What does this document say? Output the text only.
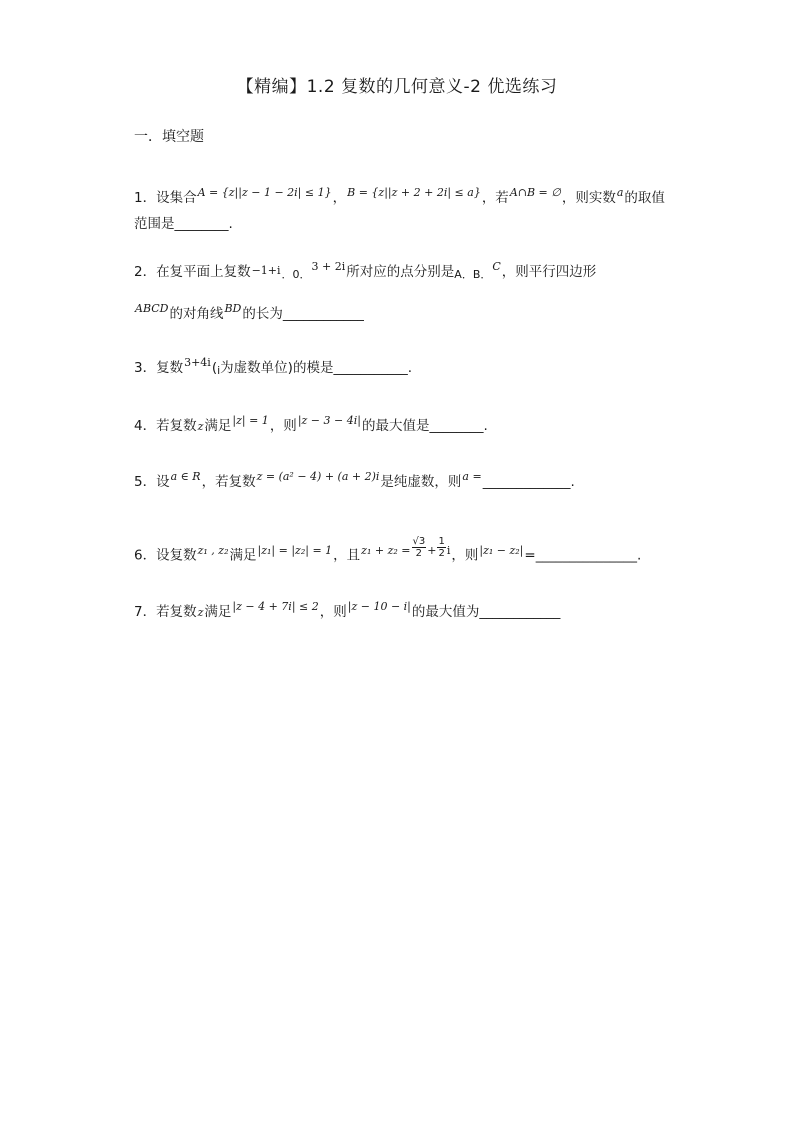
【精编】1.2 复数的几何意义-2 优选练习
一．填空题
1．设集合$^{A = \{z||z - 1 - 2i| \le 1\}}$，$^{B = \{z||z + 2 + 2i| \le a\}}$，若$^{A\cap B = \emptyset}$，则实数$^a$的取值
范围是________.
2．在复平面上复数−1+i．0．$^{3 + 2i}$所对应的点分别是A．B．$^C$，则平行四边形
$^{ABCD}$的对角线$^{BD}$的长为____________
3．复数$^{3+4i}$(i为虚数单位)的模是___________.
4．若复数z满足$^{|z| = 1}$，则$^{|z - 3 - 4i|}$的最大值是________.
5．设$^{a \in R}$，若复数$^{z = (a^2 - 4) + (a + 2)i}$是纯虚数，则$^{a =}$_____________.
6．设复数$^{z_1 , z_2}$满足$^{|z_1| = |z_2| = 1}$，且$^{z_1 + z_2 =} \frac{√3}{2} ^+ \frac{1}{2} ^i$，则$^{|z_1 - z_2|}$=_______________.
7．若复数z满足$^{|z - 4 + 7i| \le 2}$，则$^{|z - 10 - i|}$的最大值为____________
